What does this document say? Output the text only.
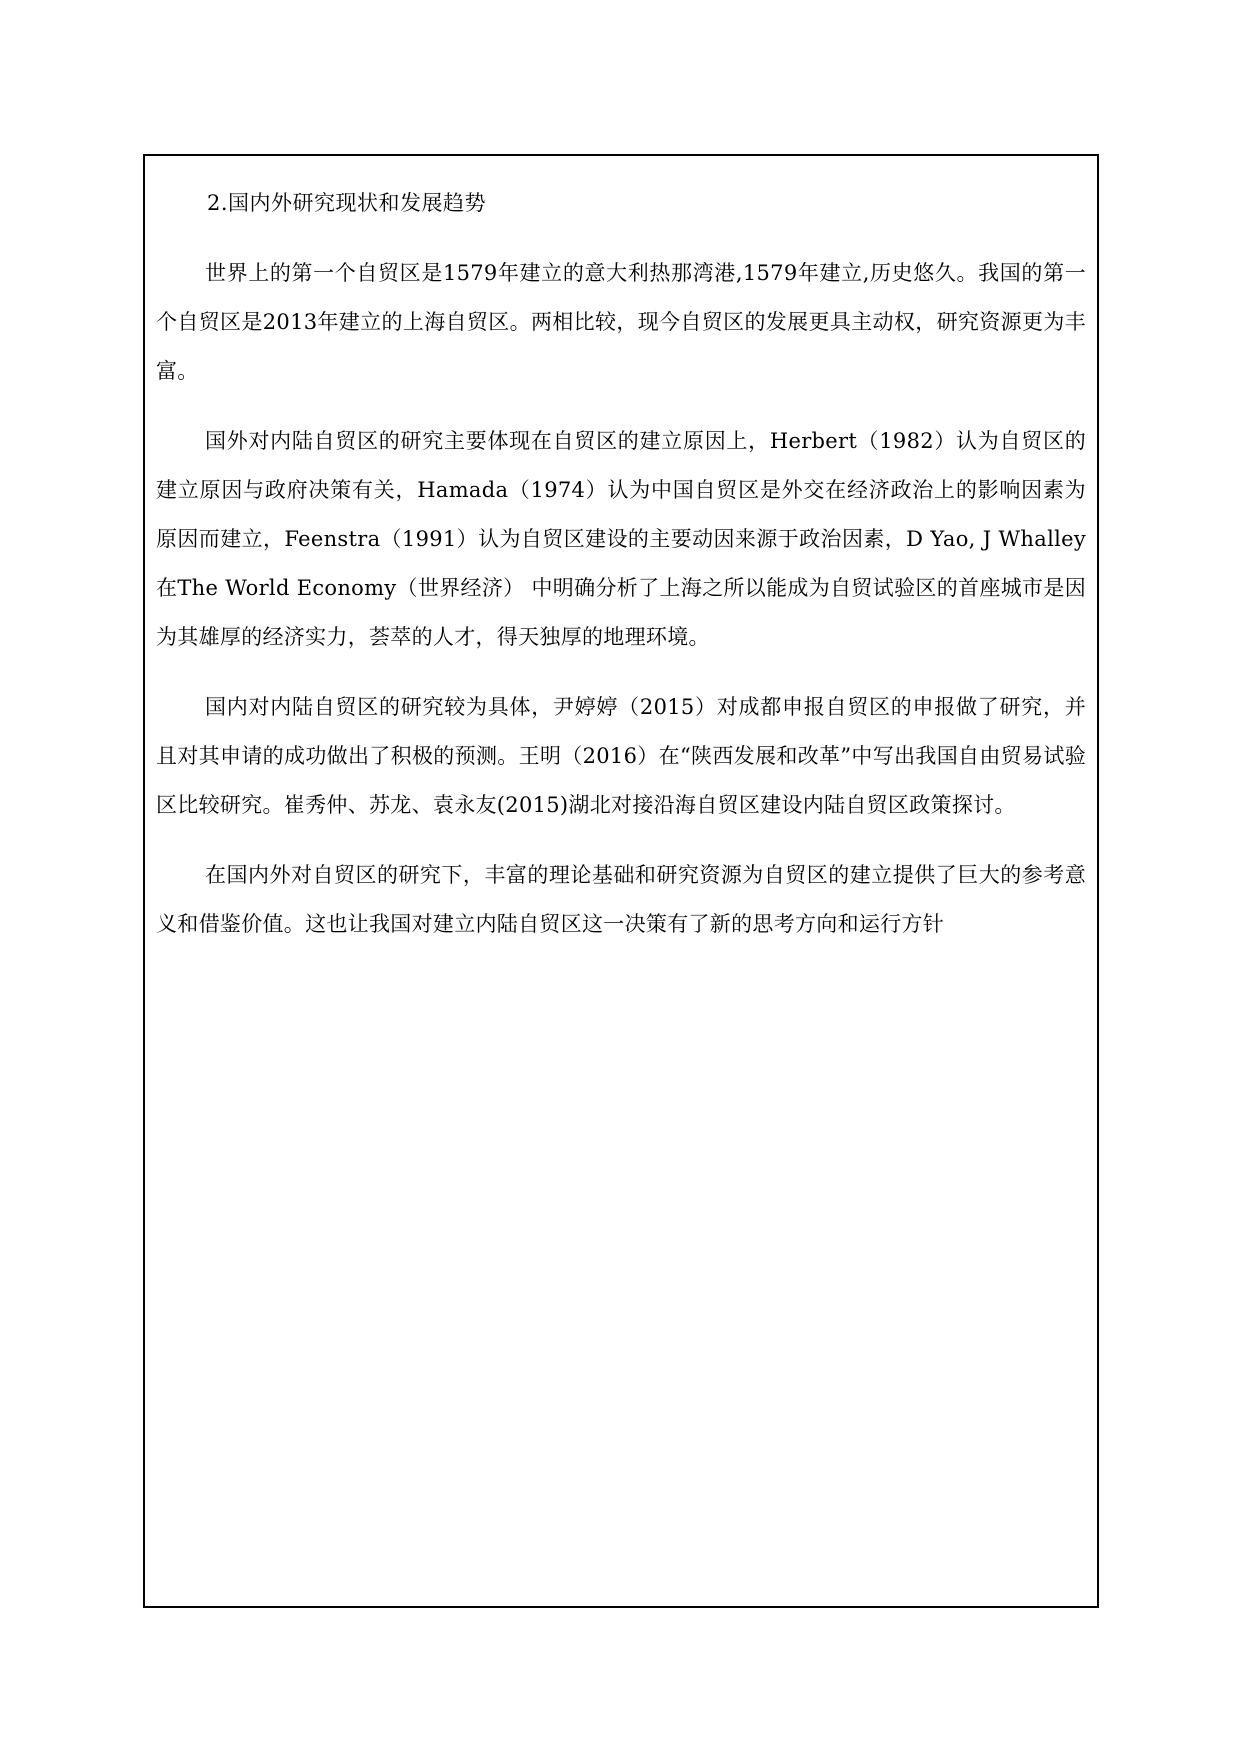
2.国内外研究现状和发展趋势

世界上的第一个自贸区是1579年建立的意大利热那湾港,1579年建立,历史悠久。我国的第一个自贸区是2013年建立的上海自贸区。两相比较，现今自贸区的发展更具主动权，研究资源更为丰富。

国外对内陆自贸区的研究主要体现在自贸区的建立原因上，Herbert（1982）认为自贸区的建立原因与政府决策有关，Hamada（1974）认为中国自贸区是外交在经济政治上的影响因素为原因而建立，Feenstra（1991）认为自贸区建设的主要动因来源于政治因素，D Yao, J Whalley在The World Economy（世界经济） 中明确分析了上海之所以能成为自贸试验区的首座城市是因为其雄厚的经济实力，荟萃的人才，得天独厚的地理环境。

国内对内陆自贸区的研究较为具体，尹婷婷（2015）对成都申报自贸区的申报做了研究，并且对其申请的成功做出了积极的预测。王明（2016）在“陕西发展和改革”中写出我国自由贸易试验区比较研究。崔秀仲、苏龙、袁永友(2015)湖北对接沿海自贸区建设内陆自贸区政策探讨。

在国内外对自贸区的研究下，丰富的理论基础和研究资源为自贸区的建立提供了巨大的参考意义和借鉴价值。这也让我国对建立内陆自贸区这一决策有了新的思考方向和运行方针
